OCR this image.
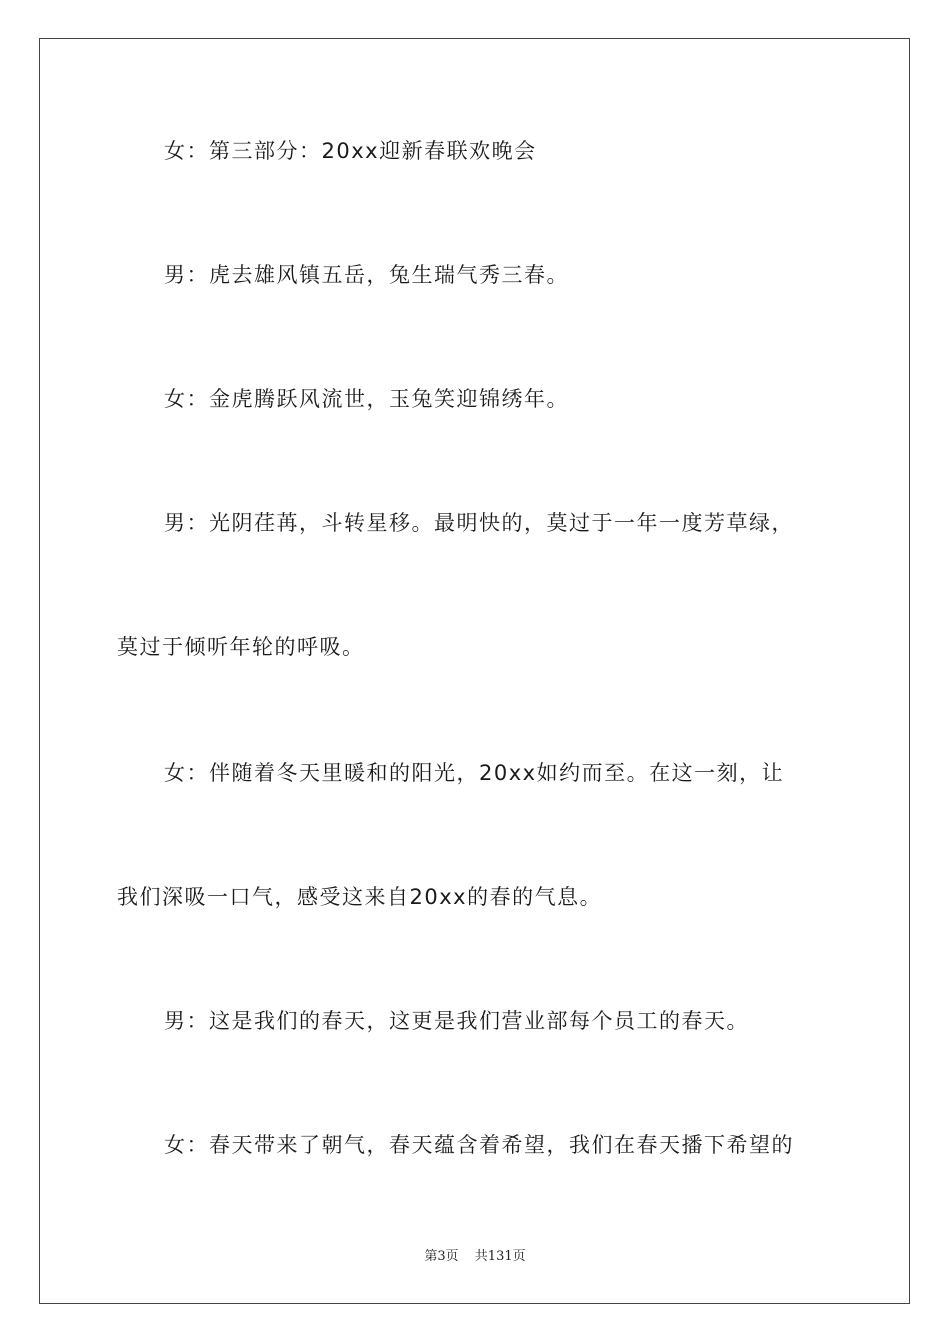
女：第三部分：20xx迎新春联欢晚会
男：虎去雄风镇五岳，兔生瑞气秀三春。
女：金虎腾跃风流世，玉兔笑迎锦绣年。
男：光阴荏苒，斗转星移。最明快的，莫过于一年一度芳草绿，
莫过于倾听年轮的呼吸。
女：伴随着冬天里暖和的阳光，20xx如约而至。在这一刻，让
我们深吸一口气，感受这来自20xx的春的气息。
男：这是我们的春天，这更是我们营业部每个员工的春天。
女：春天带来了朝气，春天蕴含着希望，我们在春天播下希望的
第3页 共131页
